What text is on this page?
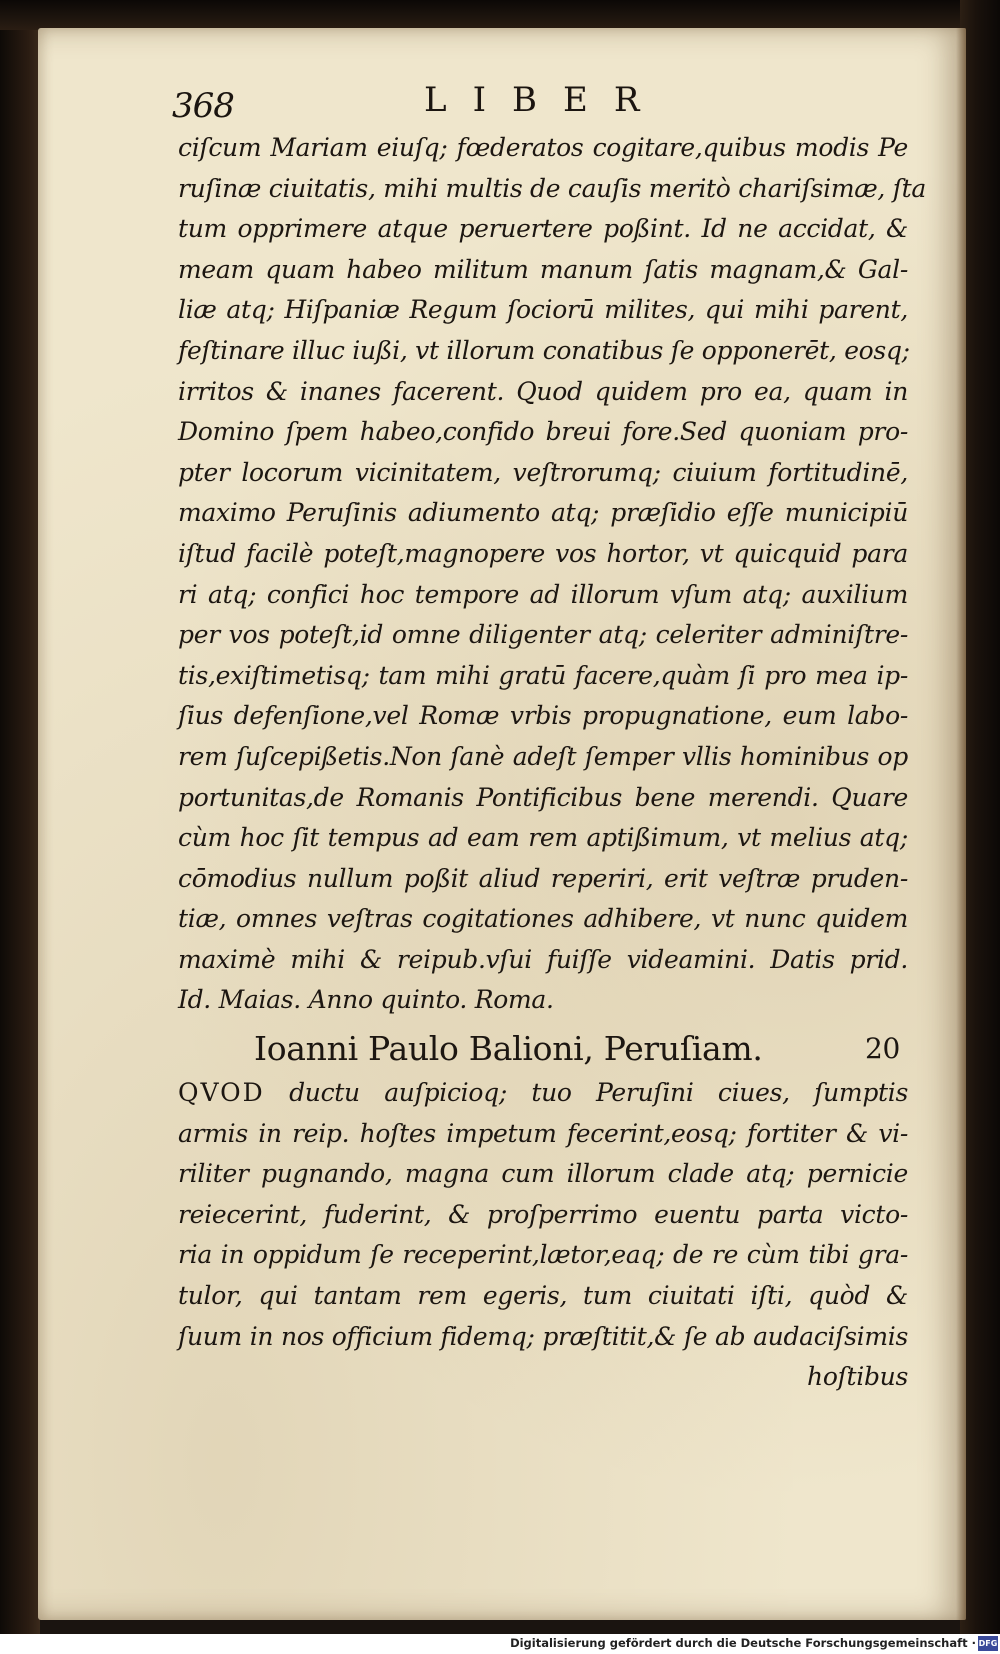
368	LIBER
ciſcum Mariam eiuſq; fœderatos cogitare,quibus modis Pe
ruſinæ ciuitatis, mihi multis de cauſis meritò chariſsimæ, ſta
tum opprimere atque peruertere poßint. Id ne accidat, &
meam quam habeo militum manum ſatis magnam,& Gal-
liæ atq; Hiſpaniæ Regum ſociorū milites, qui mihi parent,
feſtinare illuc iußi, vt illorum conatibus ſe opponerēt, eosq;
irritos & inanes facerent. Quod quidem pro ea, quam in
Domino ſpem habeo,confido breui fore.Sed quoniam pro-
pter locorum vicinitatem, veſtrorumq; ciuium fortitudinē,
maximo Peruſinis adiumento atq; præſidio eſſe municipiū
iſtud facilè poteſt,magnopere vos hortor, vt quicquid para
ri atq; confici hoc tempore ad illorum vſum atq; auxilium
per vos poteſt,id omne diligenter atq; celeriter adminiſtre-
tis,exiſtimetisq; tam mihi gratū facere,quàm ſi pro mea ip-
ſius defenſione,vel Romæ vrbis propugnatione, eum labo-
rem ſuſcepißetis.Non ſanè adeſt ſemper vllis hominibus op
portunitas,de Romanis Pontificibus bene merendi. Quare
cùm hoc ſit tempus ad eam rem aptißimum, vt melius atq;
cōmodius nullum poßit aliud reperiri, erit veſtræ pruden-
tiæ, omnes veſtras cogitationes adhibere, vt nunc quidem
maximè mihi & reipub.vſui fuiſſe videamini. Datis prid.
Id. Maias. Anno quinto. Roma.
Ioanni Paulo Balioni, Peruſiam.	20
QVOD ductu auſpicioq; tuo Peruſini ciues, ſumptis
armis in reip. hoſtes impetum fecerint,eosq; fortiter & vi-
riliter pugnando, magna cum illorum clade atq; pernicie
reiecerint, fuderint, & proſperrimo euentu parta victo-
ria in oppidum ſe receperint,lætor,eaq; de re cùm tibi gra-
tulor, qui tantam rem egeris, tum ciuitati iſti, quòd &
ſuum in nos officium fidemq; præſtitit,& ſe ab audaciſsimis
hoſtibus
Digitalisierung gefördert durch die Deutsche Forschungsgemeinschaft · DFG
